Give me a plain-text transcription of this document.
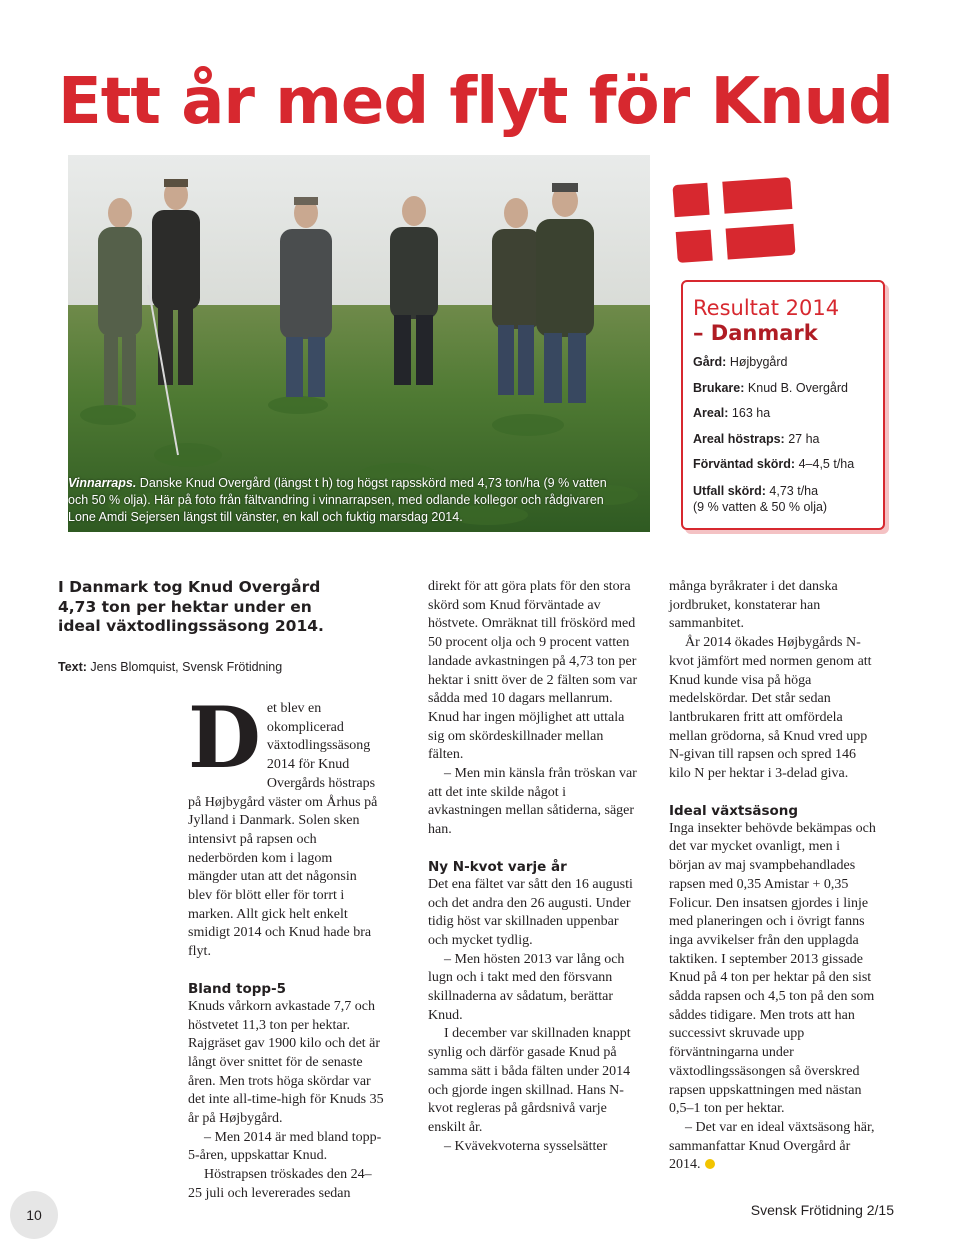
Ett år med flyt för Knud
Vinnarraps. Danske Knud Overgård (längst t h) tog högst rapsskörd med 4,73 ton/ha (9 % vatten och 50 % olja). Här på foto från fältvandring i vinnarrapsen, med odlande kollegor och rådgivaren Lone Amdi Sejersen längst till vänster, en kall och fuktig marsdag 2014.
Resultat 2014
– Danmark
Gård: Højbygård
Brukare: Knud B. Overgård
Areal: 163 ha
Areal höstraps: 27 ha
Förväntad skörd: 4–4,5 t/ha
Utfall skörd: 4,73 t/ha
(9 % vatten & 50 % olja)

I Danmark tog Knud Overgård 4,73 ton per hektar under en ideal växtodlingssäsong 2014.

Text: Jens Blomquist, Svensk Frötidning

Det blev en okomplicerad växtodlingssäsong 2014 för Knud Overgårds höstraps på Højbygård väster om Århus på Jylland i Danmark. Solen sken intensivt på rapsen och nederbörden kom i lagom mängder utan att det någonsin blev för blött eller för torrt i marken. Allt gick helt enkelt smidigt 2014 och Knud hade bra flyt.

Bland topp-5

Knuds vårkorn avkastade 7,7 och höstvetet 11,3 ton per hektar. Rajgräset gav 1900 kilo och det är långt över snittet för de senaste åren. Men trots höga skördar var det inte all-time-high för Knuds 35 år på Højbygård.

– Men 2014 är med bland topp-5-åren, uppskattar Knud.

Höstrapsen tröskades den 24–25 juli och levererades sedan

direkt för att göra plats för den stora skörd som Knud förväntade av höstvete. Omräknat till fröskörd med 50 procent olja och 9 procent vatten landade avkastningen på 4,73 ton per hektar i snitt över de 2 fälten som var sådda med 10 dagars mellanrum. Knud har ingen möjlighet att uttala sig om skördeskillnader mellan fälten.

– Men min känsla från tröskan var att det inte skilde något i avkastningen mellan såtiderna, säger han.

Ny N-kvot varje år

Det ena fältet var sått den 16 augusti och det andra den 26 augusti. Under tidig höst var skillnaden uppenbar och mycket tydlig.

– Men hösten 2013 var lång och lugn och i takt med den försvann skillnaderna av sådatum, berättar Knud.

I december var skillnaden knappt synlig och därför gasade Knud på samma sätt i båda fälten under 2014 och gjorde ingen skillnad. Hans N-kvot regleras på gårdsnivå varje enskilt år.

– Kvävekvoterna sysselsätter

många byråkrater i det danska jordbruket, konstaterar han sammanbitet.

År 2014 ökades Højbygårds N-kvot jämfört med normen genom att Knud kunde visa på höga medelskördar. Det står sedan lantbrukaren fritt att omfördela mellan grödorna, så Knud vred upp N-givan till rapsen och spred 146 kilo N per hektar i 3-delad giva.

Ideal växtsäsong

Inga insekter behövde bekämpas och det var mycket ovanligt, men i början av maj svampbehandlades rapsen med 0,35 Amistar + 0,35 Folicur. Den insatsen gjordes i linje med planeringen och i övrigt fanns inga avvikelser från den upplagda taktiken. I september 2013 gissade Knud på 4 ton per hektar på den sist sådda rapsen och 4,5 ton på den som såddes tidigare. Men trots att han successivt skruvade upp förväntningarna under växtodlingssäsongen så överskred rapsen uppskattningen med nästan 0,5–1 ton per hektar.

– Det var en ideal växtsäsong här, sammanfattar Knud Overgård år 2014.

10	Svensk Frötidning 2/15
